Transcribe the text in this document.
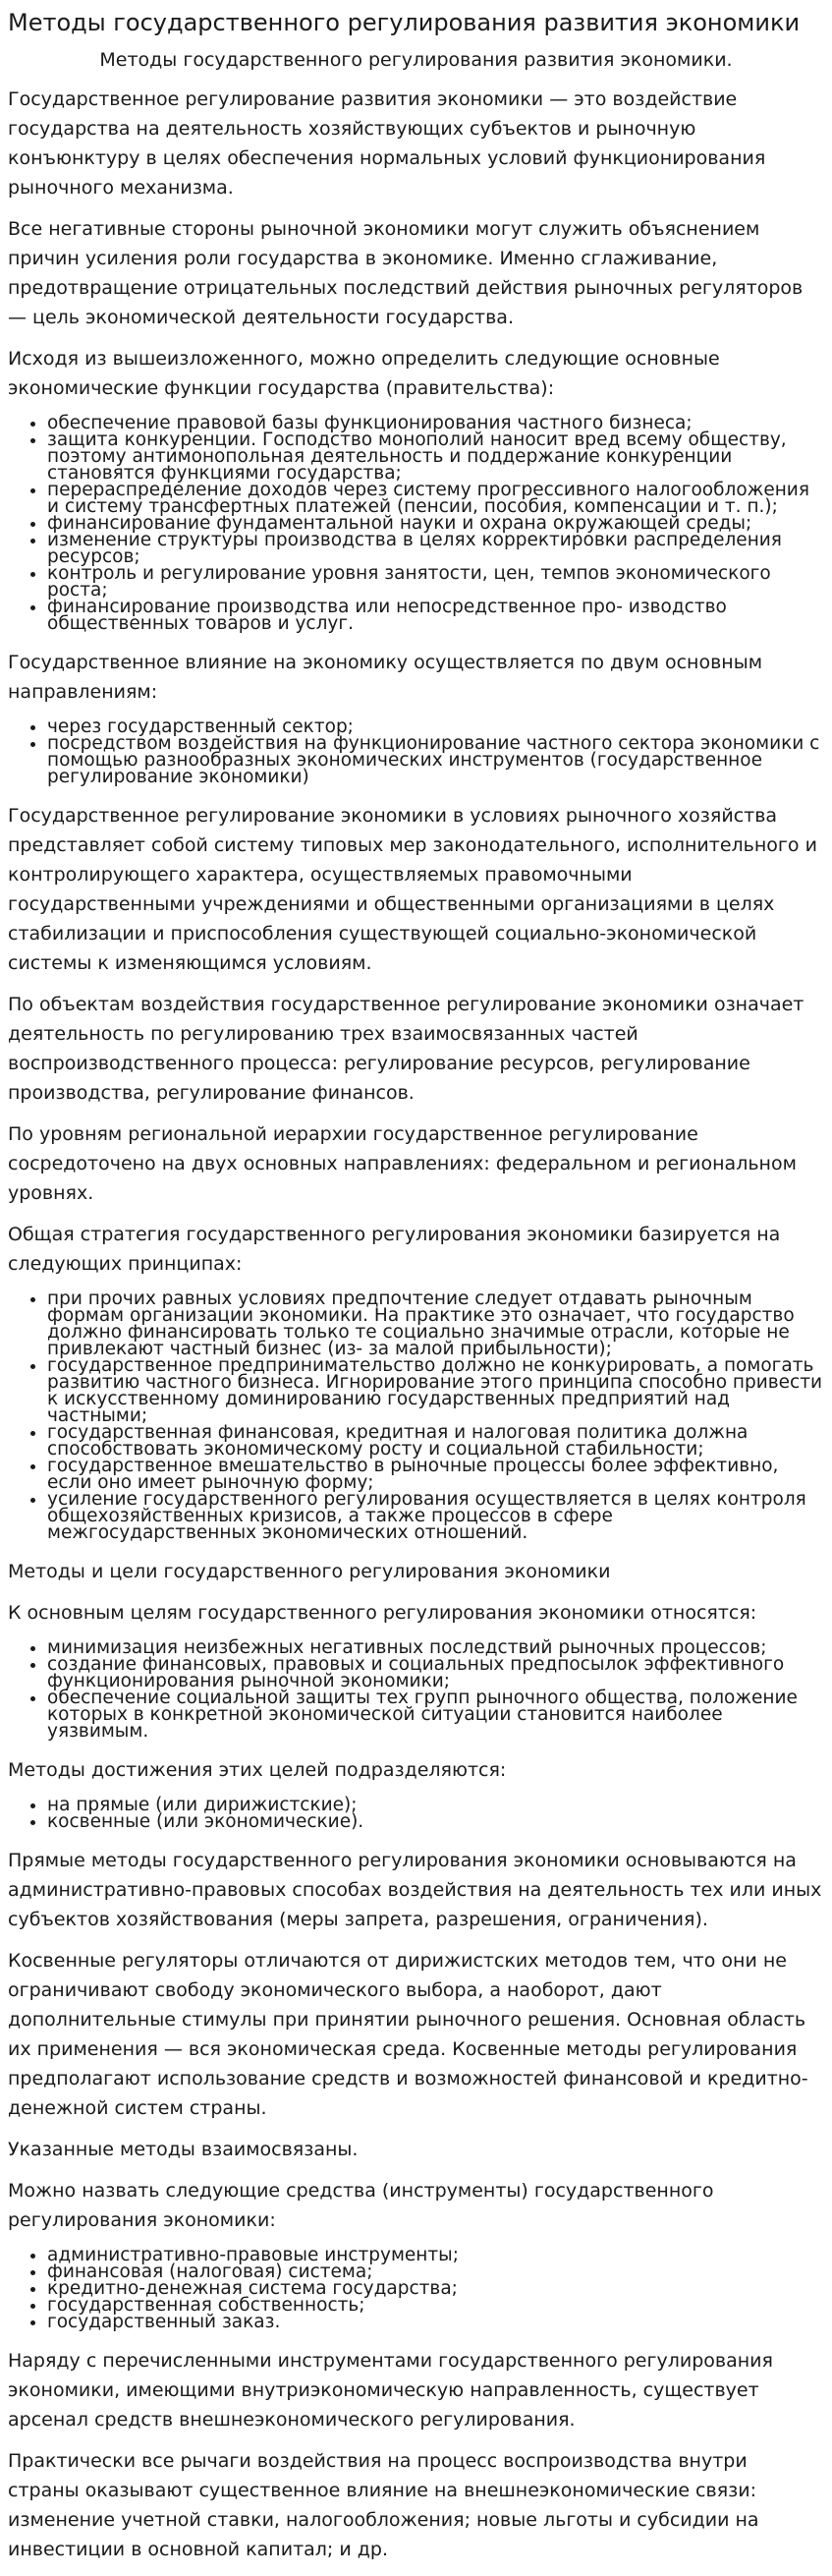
Методы государственного регулирования развития экономики
Методы государственного регулирования развития экономики.

Государственное регулирование развития экономики — это воздействие государства на деятельность хозяйствующих субъектов и рыночную конъюнктуру в целях обеспечения нормальных условий функционирования рыночного механизма.

Все негативные стороны рыночной экономики могут служить объяснением причин усиления роли государства в экономике. Именно сглаживание, предотвращение отрицательных последствий действия рыночных регуляторов — цель экономической деятельности государства.

Исходя из вышеизложенного, можно определить следующие основные экономические функции государства (правительства):

• обеспечение правовой базы функционирования частного бизнеса;
• защита конкуренции. Господство монополий наносит вред всему обществу, поэтому антимонопольная деятельность и поддержание конкуренции становятся функциями государства;
• перераспределение доходов через систему прогрессивного налогообложения и систему трансфертных платежей (пенсии, пособия, компенсации и т. п.);
• финансирование фундаментальной науки и охрана окружающей среды;
• изменение структуры производства в целях корректировки распределения ресурсов;
• контроль и регулирование уровня занятости, цен, темпов экономического роста;
• финансирование производства или непосредственное про- изводство общественных товаров и услуг.

Государственное влияние на экономику осуществляется по двум основным направлениям:

• через государственный сектор;
• посредством воздействия на функционирование частного сектора экономики с помощью разнообразных экономических инструментов (государственное регулирование экономики)

Государственное регулирование экономики в условиях рыночного хозяйства представляет собой систему типовых мер законодательного, исполнительного и контролирующего характера, осуществляемых правомочными государственными учреждениями и общественными организациями в целях стабилизации и приспособления существующей социально-экономической системы к изменяющимся условиям.

По объектам воздействия государственное регулирование экономики означает деятельность по регулированию трех взаимосвязанных частей воспроизводственного процесса: регулирование ресурсов, регулирование производства, регулирование финансов.

По уровням региональной иерархии государственное регулирование сосредоточено на двух основных направлениях: федеральном и региональном уровнях.

Общая стратегия государственного регулирования экономики базируется на следующих принципах:

• при прочих равных условиях предпочтение следует отдавать рыночным формам организации экономики. На практике это означает, что государство должно финансировать только те социально значимые отрасли, которые не привлекают частный бизнес (из- за малой прибыльности);
• государственное предпринимательство должно не конкурировать, а помогать развитию частного бизнеса. Игнорирование этого принципа способно привести к искусственному доминированию государственных предприятий над частными;
• государственная финансовая, кредитная и налоговая политика должна способствовать экономическому росту и социальной стабильности;
• государственное вмешательство в рыночные процессы более эффективно, если оно имеет рыночную форму;
• усиление государственного регулирования осуществляется в целях контроля общехозяйственных кризисов, а также процессов в сфере межгосударственных экономических отношений.

Методы и цели государственного регулирования экономики

К основным целям государственного регулирования экономики относятся:

• минимизация неизбежных негативных последствий рыночных процессов;
• создание финансовых, правовых и социальных предпосылок эффективного функционирования рыночной экономики;
• обеспечение социальной защиты тех групп рыночного общества, положение которых в конкретной экономической ситуации становится наиболее уязвимым.

Методы достижения этих целей подразделяются:

• на прямые (или дирижистские);
• косвенные (или экономические).

Прямые методы государственного регулирования экономики основываются на административно-правовых способах воздействия на деятельность тех или иных субъектов хозяйствования (меры запрета, разрешения, ограничения).

Косвенные регуляторы отличаются от дирижистских методов тем, что они не ограничивают свободу экономического выбора, а наоборот, дают дополнительные стимулы при принятии рыночного решения. Основная область их применения — вся экономическая среда. Косвенные методы регулирования предполагают использование средств и возможностей финансовой и кредитно-денежной систем страны.

Указанные методы взаимосвязаны.

Можно назвать следующие средства (инструменты) государственного регулирования экономики:

• административно-правовые инструменты;
• финансовая (налоговая) система;
• кредитно-денежная система государства;
• государственная собственность;
• государственный заказ.

Наряду с перечисленными инструментами государственного регулирования экономики, имеющими внутриэкономическую направленность, существует арсенал средств внешнеэкономического регулирования.

Практически все рычаги воздействия на процесс воспроизводства внутри страны оказывают существенное влияние на внешнеэкономические связи: изменение учетной ставки, налогообложения; новые льготы и субсидии на инвестиции в основной капитал; и др.
